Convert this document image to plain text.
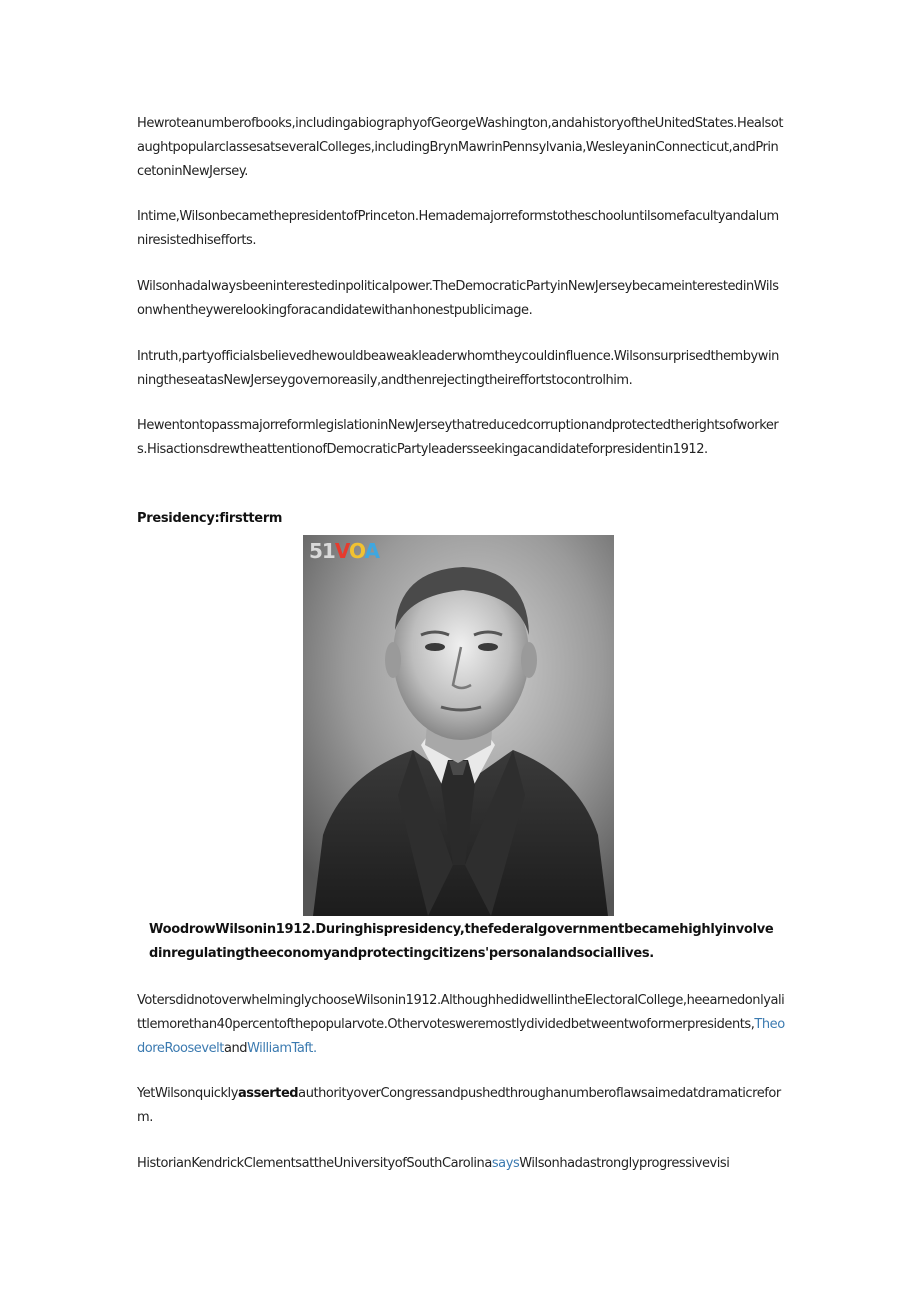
Hewroteanumberofbooks,includingabiographyofGeorgeWashington,andahistoryoftheUnitedStates.HealsotaughtpopularclassesatseveralColleges,includingBrynMawrinPennsylvania,WesleyaninConnecticut,andPrincetoninNewJersey.

Intime,WilsonbecamethepresidentofPrinceton.Hemademajorreformstotheschooluntilsomefacultyandalumniresistedhisefforts.

Wilsonhadalwaysbeeninterestedinpoliticalpower.TheDemocraticPartyinNewJerseybecameinterestedinWilsonwhentheywerelookingforacandidatewithanhonestpublicimage.

Intruth,partyofficialsbelievedhewouldbeaweakleaderwhomtheycouldinfluence.WilsonsurprisedthembywinningtheseatasNewJerseygovernoreasily,andthenrejectingtheireffortstocontrolhim.

HewentontopassmajorreformlegislationinNewJerseythatreducedcorruptionandprotectedtherightsofworkers.HisactionsdrewtheattentionofDemocraticPartyleadersseekingacandidateforpresidentin1912.

Presidency:firstterm
51VOA

WoodrowWilsonin1912.Duringhispresidency,thefederalgovernmentbecamehighlyinvolvedinregulatingtheeconomyandprotectingcitizens'personalandsociallives.

VotersdidnotoverwhelminglychooseWilsonin1912.AlthoughhedidwellintheElectoralCollege,heearnedonlyalittlemorethan40percentofthepopularvote.Othervotesweremostlydividedbetweentwoformerpresidents,TheodoreRooseveltandWilliamTaft.

YetWilsonquicklyassertedauthorityoverCongressandpushedthroughanumberoflawsaimedatdramaticreform.

HistorianKendrickClementsattheUniversityofSouthCarolinasaysWilsonhadastronglyprogressivevisi
